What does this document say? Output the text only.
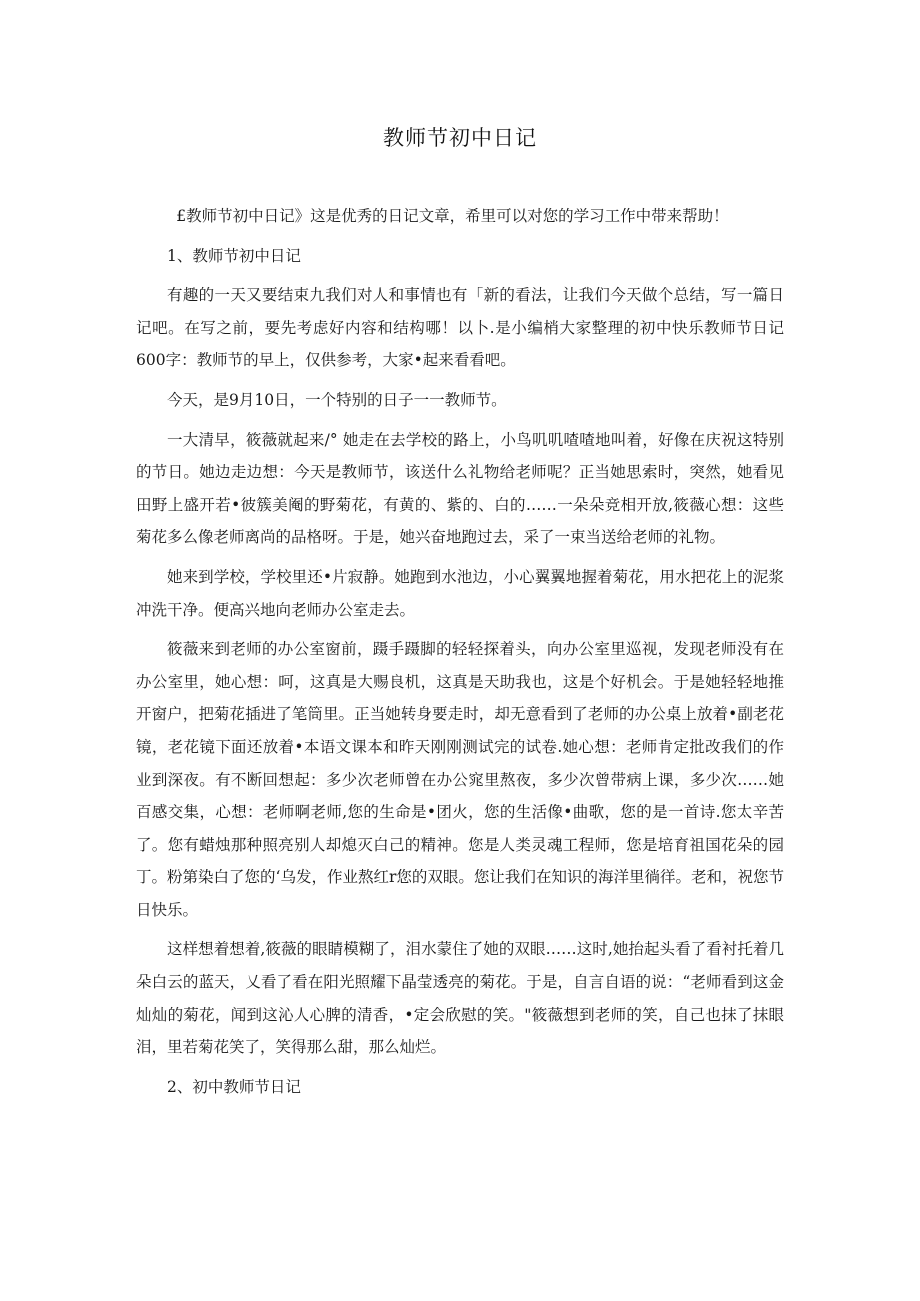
教师节初中日记

£教师节初中日记》这是优秀的日记文章，希里可以对您的学习工作中带来帮助！

1、教师节初中日记

有趣的一天又要结束九我们对人和事情也有「新的看法，让我们今天做个总结，写一篇日记吧。在写之前，要先考虑好内容和结构哪！以卜.是小编梢大家整理的初中快乐教师节日记600字：教师节的早上，仅供参考，大家•起来看看吧。

今天，是9月10日，一个特别的日子一一教师节。

一大清早，筱薇就起来/° 她走在去学校的路上，小鸟叽叽喳喳地叫着，好像在庆祝这特别的节日。她边走边想：今天是教师节，该送什么礼物给老师呢？正当她思索时，突然，她看见田野上盛开若•彼簇美阉的野菊花，有黄的、紫的、白的……一朵朵竞相开放,筱薇心想：这些菊花多么像老师离尚的品格呀。于是，她兴奋地跑过去，采了一束当送给老师的礼物。

她来到学校，学校里还•片寂静。她跑到水池边，小心翼翼地握着菊花，用水把花上的泥浆冲洗干净。便高兴地向老师办公室走去。

筱薇来到老师的办公室窗前，蹑手蹑脚的轻轻探着头，向办公室里巡视，发现老师没有在办公室里，她心想：呵，这真是大赐良机，这真是天助我也，这是个好机会。于是她轻轻地推开窗户，把菊花插进了笔筒里。正当她转身要走时，却无意看到了老师的办公桌上放着•副老花镜，老花镜下面还放着•本语文课本和昨天刚刚测试完的试卷.她心想：老师肯定批改我们的作业到深夜。有不断回想起：多少次老师曾在办公窕里熬夜，多少次曾带病上课，多少次……她百感交集，心想：老师啊老师,您的生命是•团火，您的生活像•曲歌，您的是一首诗.您太辛苦了。您有蜡烛那种照亮别人却熄灭白己的精神。您是人类灵魂工程师，您是培育祖国花朵的园丁。粉第染白了您的‘乌发，作业熬红r您的双眼。您让我们在知识的海洋里徜徉。老和，祝您节日快乐。

这样想着想着,筱薇的眼睛模糊了，泪水蒙住了她的双眼……这时,她抬起头看了看衬托着几朵白云的蓝天，乂看了看在阳光照耀下晶莹透亮的菊花。于是，自言自语的说：“老师看到这金灿灿的菊花，闻到这沁人心脾的清香，•定会欣慰的笑。"筱薇想到老师的笑，自己也抹了抹眼泪，里若菊花笑了，笑得那么甜，那么灿烂。

2、初中教师节日记
